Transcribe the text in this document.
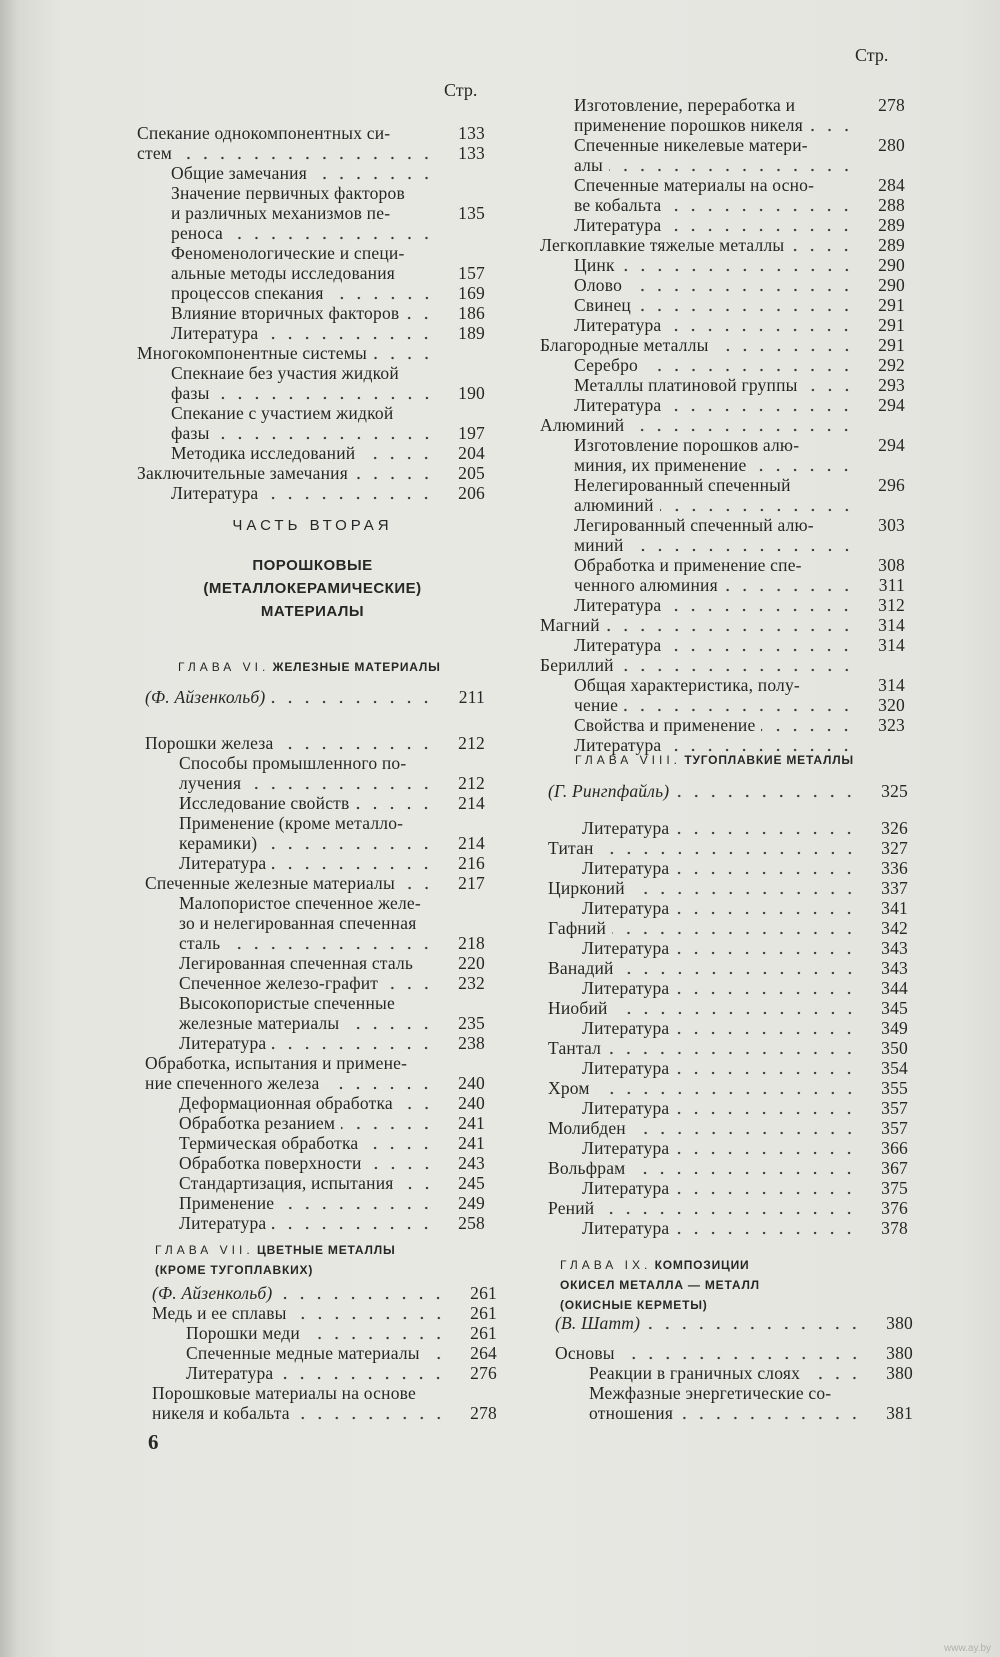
Стр.
Стр.
Спекание однокомпонентных си-	133
стем	133
Общие замечания
Значение первичных факторов
и различных механизмов пе-	135
реноса
Феноменологические и специ-
альные методы исследования	157
процессов спекания	169
Влияние вторичных факторов	186
Литература	189
Многокомпонентные системы
Спекнаие без участия жидкой
фазы	190
Спекание с участием жидкой
фазы	197
Методика исследований	204
Заключительные замечания	205
Литература	206
ЧАСТЬ ВТОРАЯ
ПОРОШКОВЫЕ
(МЕТАЛЛОКЕРАМИЧЕСКИЕ)
МАТЕРИАЛЫ
ГЛАВА VI. ЖЕЛЕЗНЫЕ МАТЕРИАЛЫ
(Ф. Айзенкольб)	211
Порошки железа	212
Способы промышленного по-
лучения	212
Исследование свойств	214
Применение (кроме металло-
керамики)	214
Литература	216
Спеченные железные материалы	217
Малопористое спеченное желе-
зо и нелегированная спеченная
сталь	218
Легированная спеченная сталь	220
Спеченное железо-графит	232
Высокопористые спеченные
железные материалы	235
Литература	238
Обработка, испытания и примене-
ние спеченного железа	240
Деформационная обработка	240
Обработка резанием	241
Термическая обработка	241
Обработка поверхности	243
Стандартизация, испытания	245
Применение	249
Литература	258
ГЛАВА VII. ЦВЕТНЫЕ МЕТАЛЛЫ
(КРОМЕ ТУГОПЛАВКИХ)
(Ф. Айзенкольб)	261
Медь и ее сплавы	261
Порошки меди	261
Спеченные медные материалы	264
Литература	276
Порошковые материалы на основе
никеля и кобальта	278
6
Изготовление, переработка и	278
применение порошков никеля
Спеченные никелевые матери-	280
алы
Спеченные материалы на осно-	284
ве кобальта	288
Литература	289
Легкоплавкие тяжелые металлы	289
Цинк	290
Олово	290
Свинец	291
Литература	291
Благородные металлы	291
Серебро	292
Металлы платиновой группы	293
Литература	294
Алюминий
Изготовление порошков алю-	294
миния, их применение
Нелегированный спеченный	296
алюминий
Легированный спеченный алю-	303
миний
Обработка и применение спе-	308
ченного алюминия	311
Литература	312
Магний	314
Литература	314
Бериллий
Общая характеристика, полу-	314
чение	320
Свойства и применение	323
Литература
ГЛАВА VIII. ТУГОПЛАВКИЕ МЕТАЛЛЫ
(Г. Рингпфайль)	325
Литература	326
Титан	327
Литература	336
Цирконий	337
Литература	341
Гафний	342
Литература	343
Ванадий	343
Литература	344
Ниобий	345
Литература	349
Тантал	350
Литература	354
Хром	355
Литература	357
Молибден	357
Литература	366
Вольфрам	367
Литература	375
Рений	376
Литература	378
ГЛАВА IX. КОМПОЗИЦИИ
ОКИСЕЛ МЕТАЛЛА — МЕТАЛЛ
(ОКИСНЫЕ КЕРМЕТЫ)
(В. Шатт)	380
Основы	380
Реакции в граничных слоях	380
Межфазные энергетические со-
отношения	381
www.ay.by
